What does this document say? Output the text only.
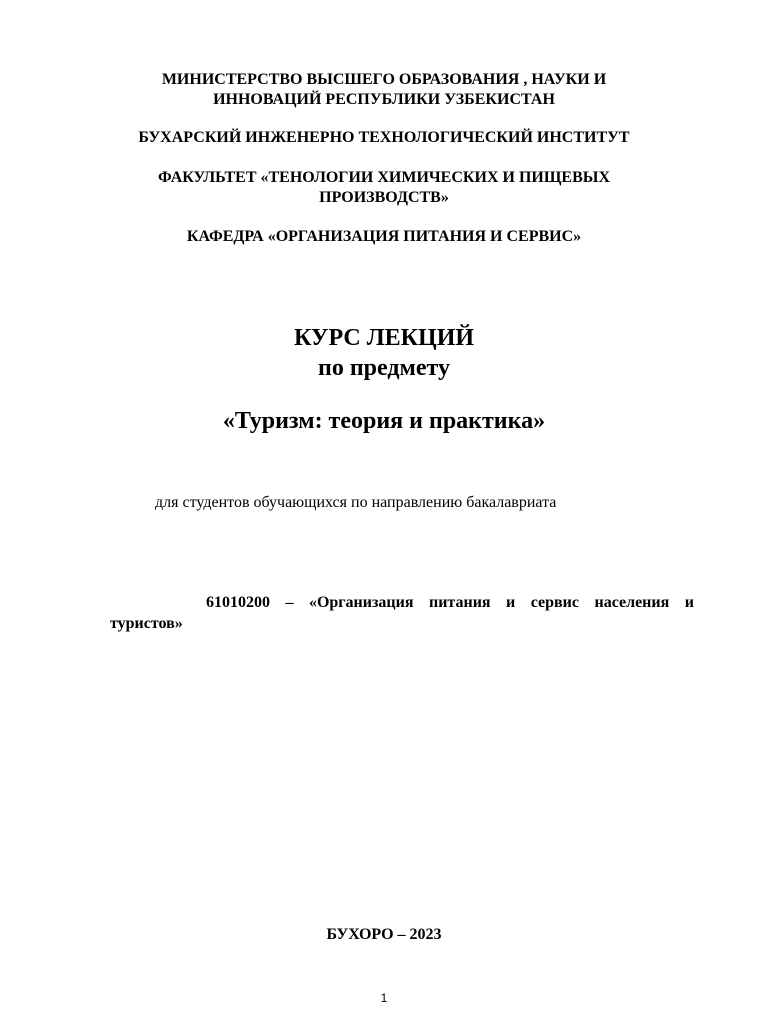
МИНИСТЕРСТВО ВЫСШЕГО ОБРАЗОВАНИЯ , НАУКИ И
ИННОВАЦИЙ РЕСПУБЛИКИ УЗБЕКИСТАН
БУХАРСКИЙ ИНЖЕНЕРНО ТЕХНОЛОГИЧЕСКИЙ ИНСТИТУТ
ФАКУЛЬТЕТ «ТЕНОЛОГИИ ХИМИЧЕСКИХ И ПИЩЕВЫХ
ПРОИЗВОДСТВ»
КАФЕДРА «ОРГАНИЗАЦИЯ ПИТАНИЯ И СЕРВИС»
КУРС ЛЕКЦИЙ
по предмету
«Туризм: теория и практика»
для студентов обучающихся по направлению бакалавриата
61010200 – «Организация питания и сервис населения и
туристов»
БУХОРО – 2023
1
